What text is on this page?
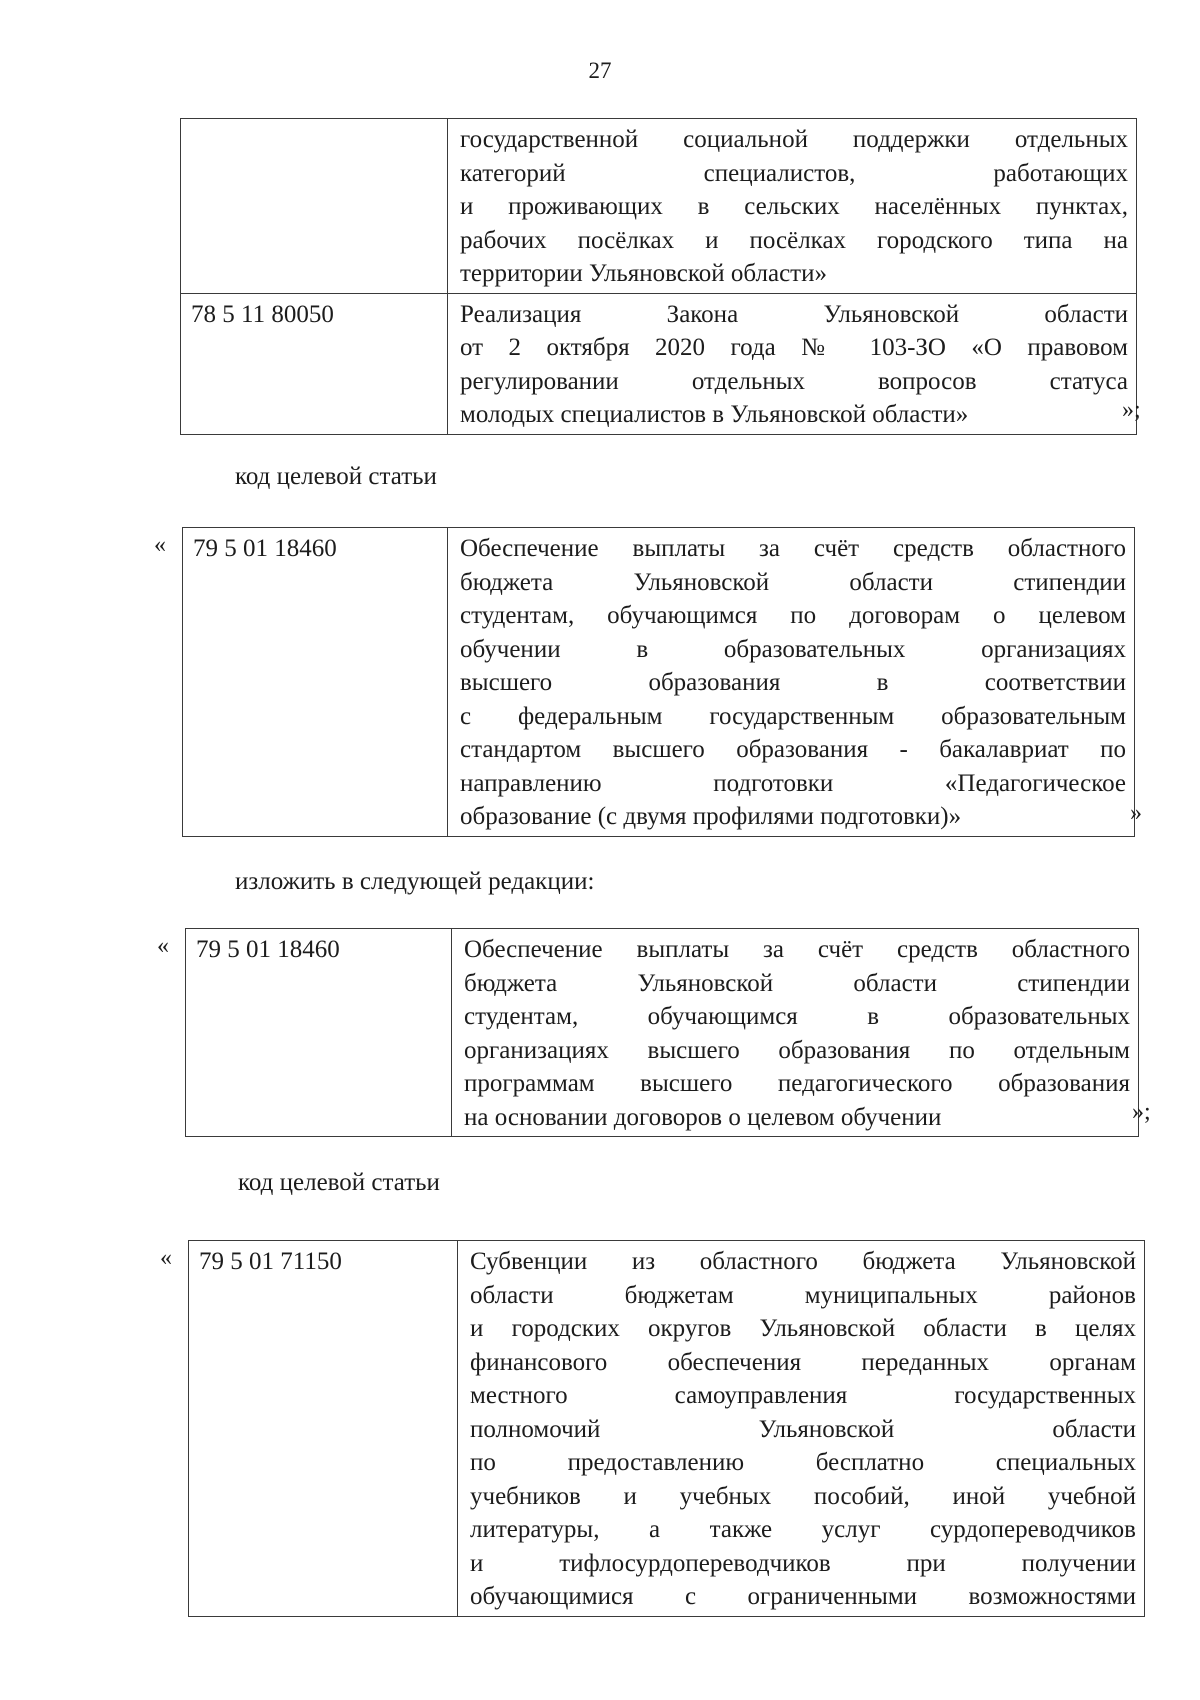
27

	государственной социальной поддержки отдельных
категорий специалистов, работающих
и проживающих в сельских населённых пунктах,
рабочих посёлках и посёлках городского типа на
территории Ульяновской области»

78 5 11 80050	Реализация Закона Ульяновской области
от 2 октября 2020 года № 103-ЗО «О правовом
регулировании отдельных вопросов статуса
молодых специалистов в Ульяновской области»	»;
код целевой статьи
« 79 5 01 18460	Обеспечение выплаты за счёт средств областного
бюджета Ульяновской области стипендии
студентам, обучающимся по договорам о целевом
обучении в образовательных организациях
высшего образования в соответствии
с федеральным государственным образовательным
стандартом высшего образования - бакалавриат по
направлению подготовки «Педагогическое
образование (с двумя профилями подготовки)»	»
изложить в следующей редакции:
« 79 5 01 18460	Обеспечение выплаты за счёт средств областного
бюджета Ульяновской области стипендии
студентам, обучающимся в образовательных
организациях высшего образования по отдельным
программам высшего педагогического образования
на основании договоров о целевом обучении	»;
код целевой статьи
« 79 5 01 71150	Субвенции из областного бюджета Ульяновской
области бюджетам муниципальных районов
и городских округов Ульяновской области в целях
финансового обеспечения переданных органам
местного самоуправления государственных
полномочий Ульяновской области
по предоставлению бесплатно специальных
учебников и учебных пособий, иной учебной
литературы, а также услуг сурдопереводчиков
и тифлосурдопереводчиков при получении
обучающимися с ограниченными возможностями
